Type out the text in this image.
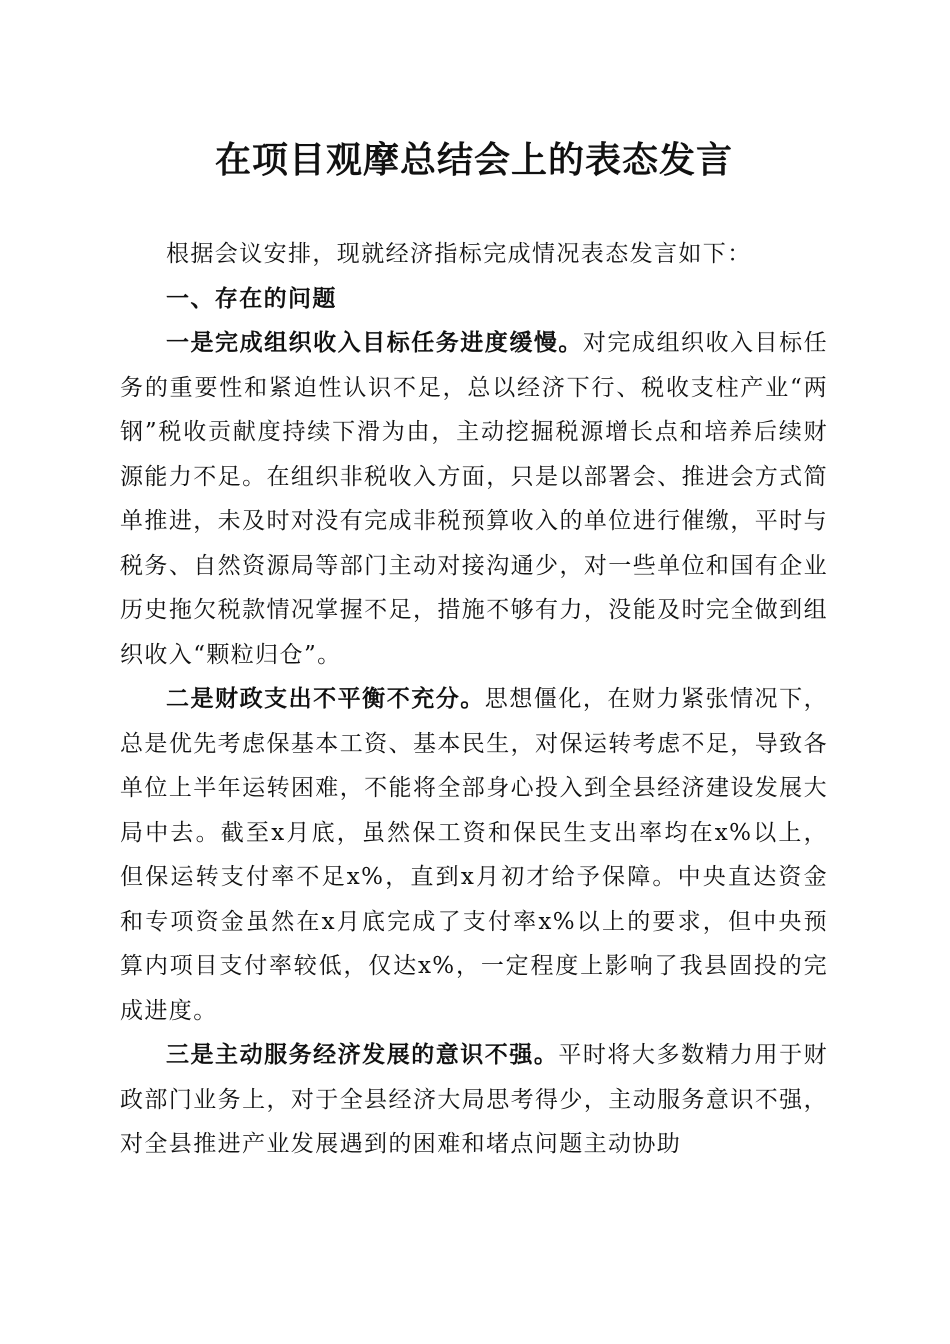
在项目观摩总结会上的表态发言

根据会议安排，现就经济指标完成情况表态发言如下：

一、存在的问题

一是完成组织收入目标任务进度缓慢。对完成组织收入目标任务的重要性和紧迫性认识不足，总以经济下行、税收支柱产业“两钢”税收贡献度持续下滑为由，主动挖掘税源增长点和培养后续财源能力不足。在组织非税收入方面，只是以部署会、推进会方式简单推进，未及时对没有完成非税预算收入的单位进行催缴，平时与税务、自然资源局等部门主动对接沟通少，对一些单位和国有企业历史拖欠税款情况掌握不足，措施不够有力，没能及时完全做到组织收入“颗粒归仓”。

二是财政支出不平衡不充分。思想僵化，在财力紧张情况下，总是优先考虑保基本工资、基本民生，对保运转考虑不足，导致各单位上半年运转困难，不能将全部身心投入到全县经济建设发展大局中去。截至x月底，虽然保工资和保民生支出率均在x%以上，但保运转支付率不足x%，直到x月初才给予保障。中央直达资金和专项资金虽然在x月底完成了支付率x%以上的要求，但中央预算内项目支付率较低，仅达x%，一定程度上影响了我县固投的完成进度。

三是主动服务经济发展的意识不强。平时将大多数精力用于财政部门业务上，对于全县经济大局思考得少，主动服务意识不强，对全县推进产业发展遇到的困难和堵点问题主动协助
